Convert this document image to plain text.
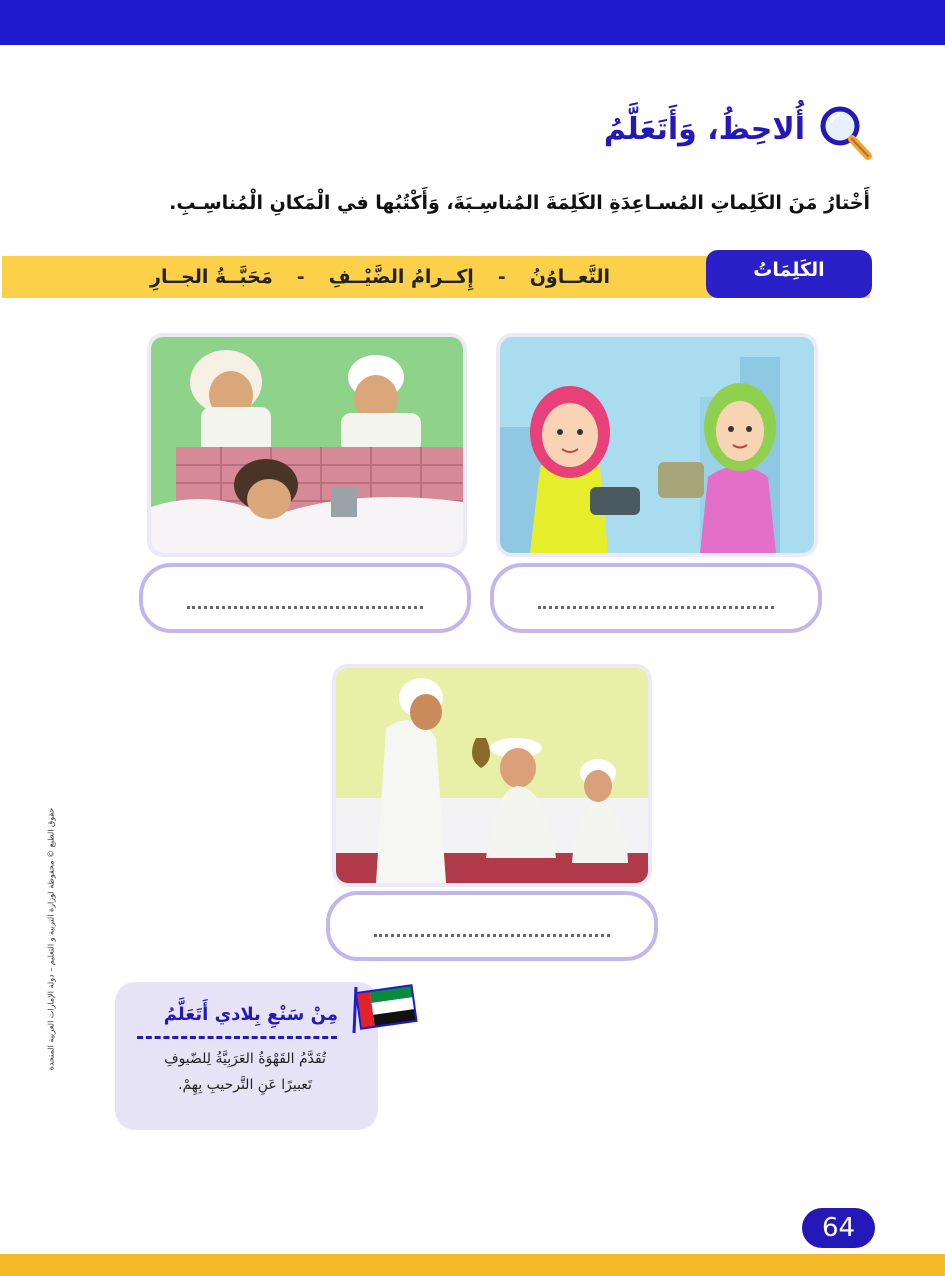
أُلاحِظُ، وَأَتَعَلَّمُ
أَخْتارُ مَنَ الكَلِماتِ المُسـاعِدَةِ الكَلِمَةَ المُناسِـبَةَ، وَأَكْتُبُها في الْمَكانِ الْمُناسِـبِ.
الكَلِمَاتُ المُساعِدَةُ
التَّعــاوُنُ
-
إِكــرامُ الضَّيْــفِ
-
مَحَبَّــةُ الجــارِ
حقوق الطبع © محفوظة لوزارة التربية و التعليم – دولة الإمارات العربية المتحدة	مِنْ سَنْعِ بِلادي أَتَعَلَّمُ
تُقَدَّمُ القَهْوَةُ العَرَبِيَّةُ لِلضّيوفِ
تَعبيرًا عَنِ التَّرحيبِ بِهِمْ.
64
